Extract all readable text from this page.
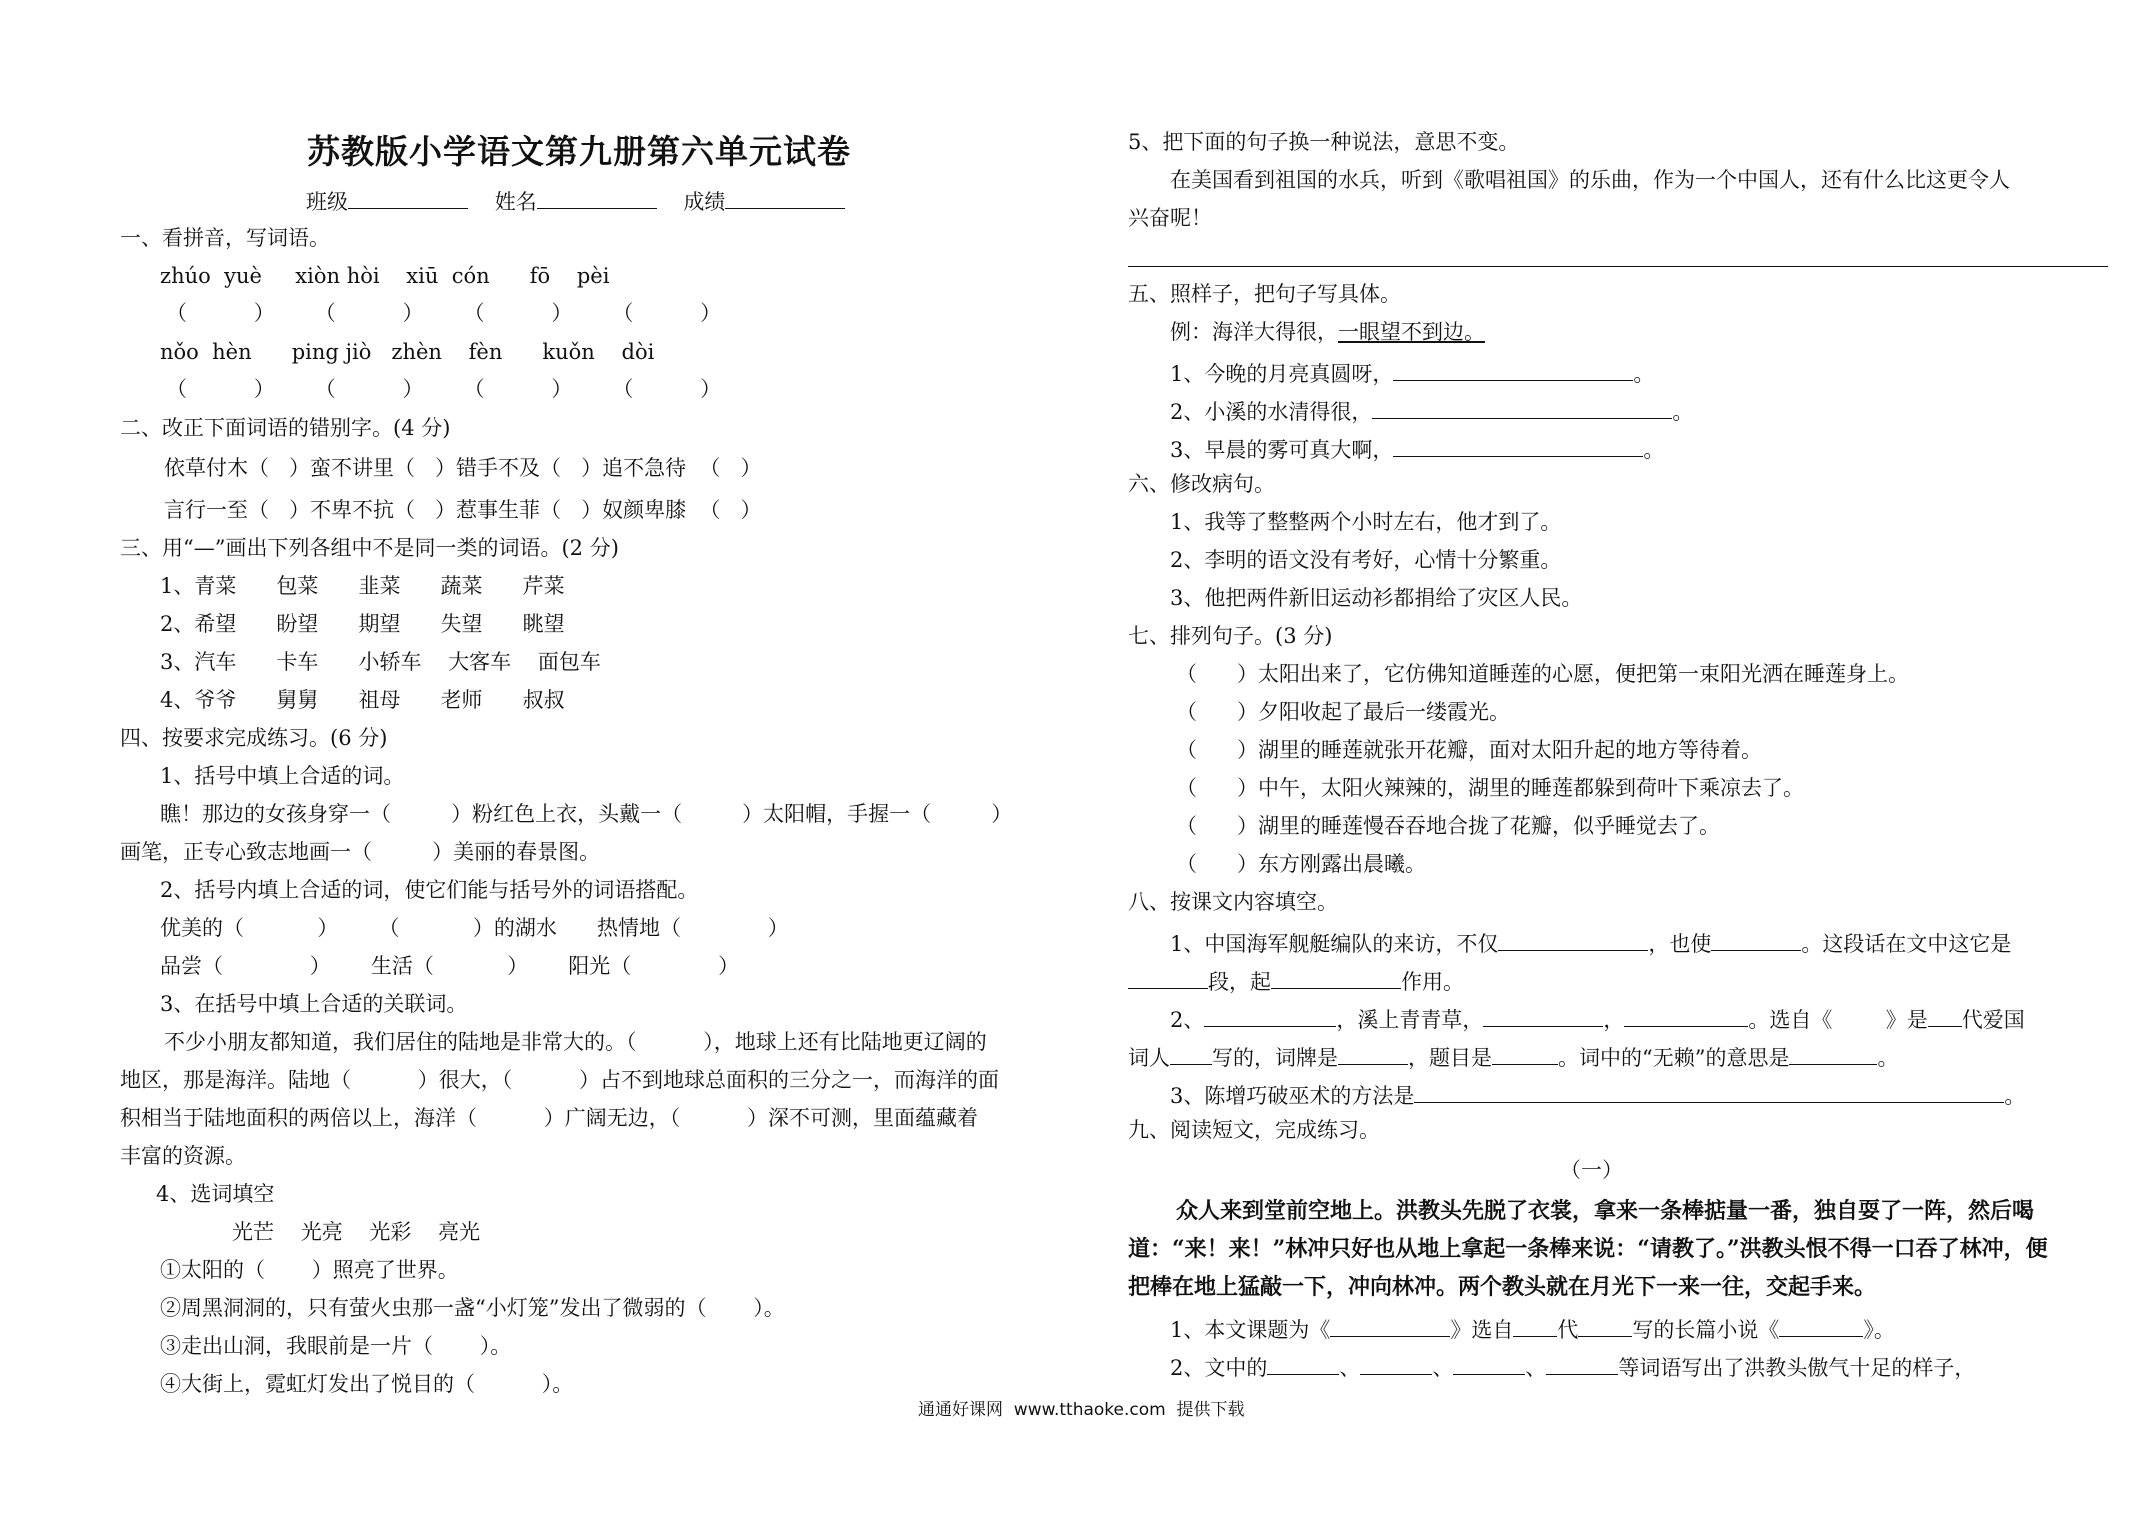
苏教版小学语文第九册第六单元试卷
班级	姓名	成绩
一、看拼音，写词语。
zhúo  yuè     xiòn hòi    xiū  cón      fō    pèi
（          ）      （          ）      （          ）      （          ）
nǒo  hèn      ping jiò   zhèn    fèn      kuǒn    dòi
（          ）      （          ）      （          ）      （          ）
二、改正下面词语的错别字。(4 分)
依草付木（   ）蛮不讲里（   ）错手不及（   ）追不急待  （   ）
言行一至（   ）不卑不抗（   ）惹事生菲（   ）奴颜卑膝  （   ）
三、用“—”画出下列各组中不是同一类的词语。(2 分)
1、青菜      包菜      韭菜      蔬菜      芹菜
2、希望      盼望      期望      失望      眺望
3、汽车      卡车      小轿车    大客车    面包车
4、爷爷      舅舅      祖母      老师      叔叔
四、按要求完成练习。(6 分)
1、括号中填上合适的词。
瞧！那边的女孩身穿一（         ）粉红色上衣，头戴一（         ）太阳帽，手握一（         ）
画笔，正专心致志地画一（         ）美丽的春景图。
2、括号内填上合适的词，使它们能与括号外的词语搭配。
优美的（           ）      （           ）的湖水      热情地（             ）
品尝（             ）      生活（           ）      阳光（             ）
3、在括号中填上合适的关联词。
不少小朋友都知道，我们居住的陆地是非常大的。（          ），地球上还有比陆地更辽阔的
地区，那是海洋。陆地（          ）很大，（          ）占不到地球总面积的三分之一，而海洋的面
积相当于陆地面积的两倍以上，海洋（          ）广阔无边，（          ）深不可测，里面蕴藏着
丰富的资源。
4、选词填空
光芒    光亮    光彩    亮光
①太阳的（       ）照亮了世界。
②周黑洞洞的，只有萤火虫那一盏“小灯笼”发出了微弱的（       ）。
③走出山洞，我眼前是一片（       ）。
④大街上，霓虹灯发出了悦目的（          ）。
5、把下面的句子换一种说法，意思不变。
在美国看到祖国的水兵，听到《歌唱祖国》的乐曲，作为一个中国人，还有什么比这更令人
兴奋呢！
五、照样子，把句子写具体。
例：海洋大得很，一眼望不到边。
1、今晚的月亮真圆呀，	。
2、小溪的水清得很，	。
3、早晨的雾可真大啊，	。
六、修改病句。
1、我等了整整两个小时左右，他才到了。
2、李明的语文没有考好，心情十分繁重。
3、他把两件新旧运动衫都捐给了灾区人民。
七、排列句子。(3 分)
（      ）太阳出来了，它仿佛知道睡莲的心愿，便把第一束阳光洒在睡莲身上。
（      ）夕阳收起了最后一缕霞光。
（      ）湖里的睡莲就张开花瓣，面对太阳升起的地方等待着。
（      ）中午，太阳火辣辣的，湖里的睡莲都躲到荷叶下乘凉去了。
（      ）湖里的睡莲慢吞吞地合拢了花瓣，似乎睡觉去了。
（      ）东方刚露出晨曦。
八、按课文内容填空。
1、中国海军舰艇编队的来访，不仅	，也使	。这段话在文中这它是
段，起	作用。
2、	，溪上青青草，	，	。选自《        》是 代爱国
词人 写的，词牌是	，题目是	。词中的“无赖”的意思是	。
3、陈增巧破巫术的方法是	。
九、阅读短文，完成练习。
（一）
众人来到堂前空地上。洪教头先脱了衣裳，拿来一条棒掂量一番，独自耍了一阵，然后喝
道：“来！来！”林冲只好也从地上拿起一条棒来说：“请教了。”洪教头恨不得一口吞了林冲，便
把棒在地上猛敲一下，冲向林冲。两个教头就在月光下一来一往，交起手来。
1、本文课题为《	》选自 代	写的长篇小说《	》。
2、文中的	、	、	、	等词语写出了洪教头傲气十足的样子，
通通好课网  www.tthaoke.com  提供下载
